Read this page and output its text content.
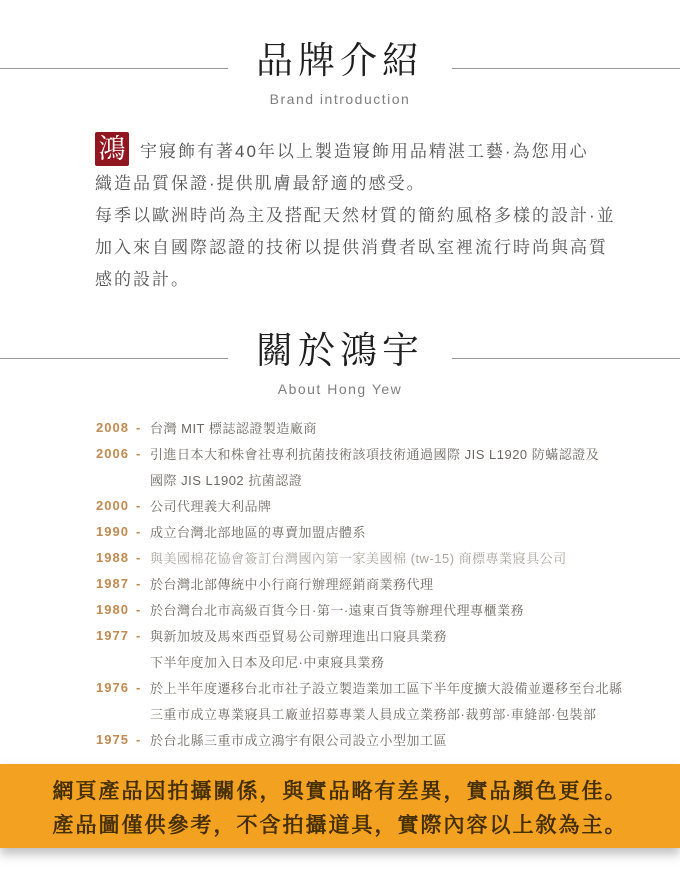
品牌介紹
Brand introduction
鴻 宇寢飾有著40年以上製造寢飾用品精湛工藝·為您用心
織造品質保證·提供肌膚最舒適的感受。
每季以歐洲時尚為主及搭配天然材質的簡約風格多樣的設計·並
加入來自國際認證的技術以提供消費者臥室裡流行時尚與高質
感的設計。
關於鴻宇
About Hong Yew
2008 - 台灣 MIT 標誌認證製造廠商
2006 - 引進日本大和株會社專利抗菌技術該項技術通過國際 JIS L1920 防蟎認證及
國際 JIS L1902 抗菌認證
2000 - 公司代理義大利品牌
1990 - 成立台灣北部地區的專賣加盟店體系
1988 - 與美國棉花協會簽訂台灣國內第一家美國棉 (tw-15) 商標專業寢具公司
1987 - 於台灣北部傳統中小行商行辦理經銷商業務代理
1980 - 於台灣台北市高級百貨今日·第一·遠東百貨等辦理代理專櫃業務
1977 - 與新加坡及馬來西亞貿易公司辦理進出口寢具業務
下半年度加入日本及印尼·中東寢具業務
1976 - 於上半年度遷移台北市社子設立製造業加工區下半年度擴大設備並遷移至台北縣
三重市成立專業寢具工廠並招募專業人員成立業務部·裁剪部·車縫部·包裝部
1975 - 於台北縣三重市成立鴻宇有限公司設立小型加工區
網頁產品因拍攝關係，與實品略有差異，實品顏色更佳。
產品圖僅供參考，不含拍攝道具，實際內容以上敘為主。
